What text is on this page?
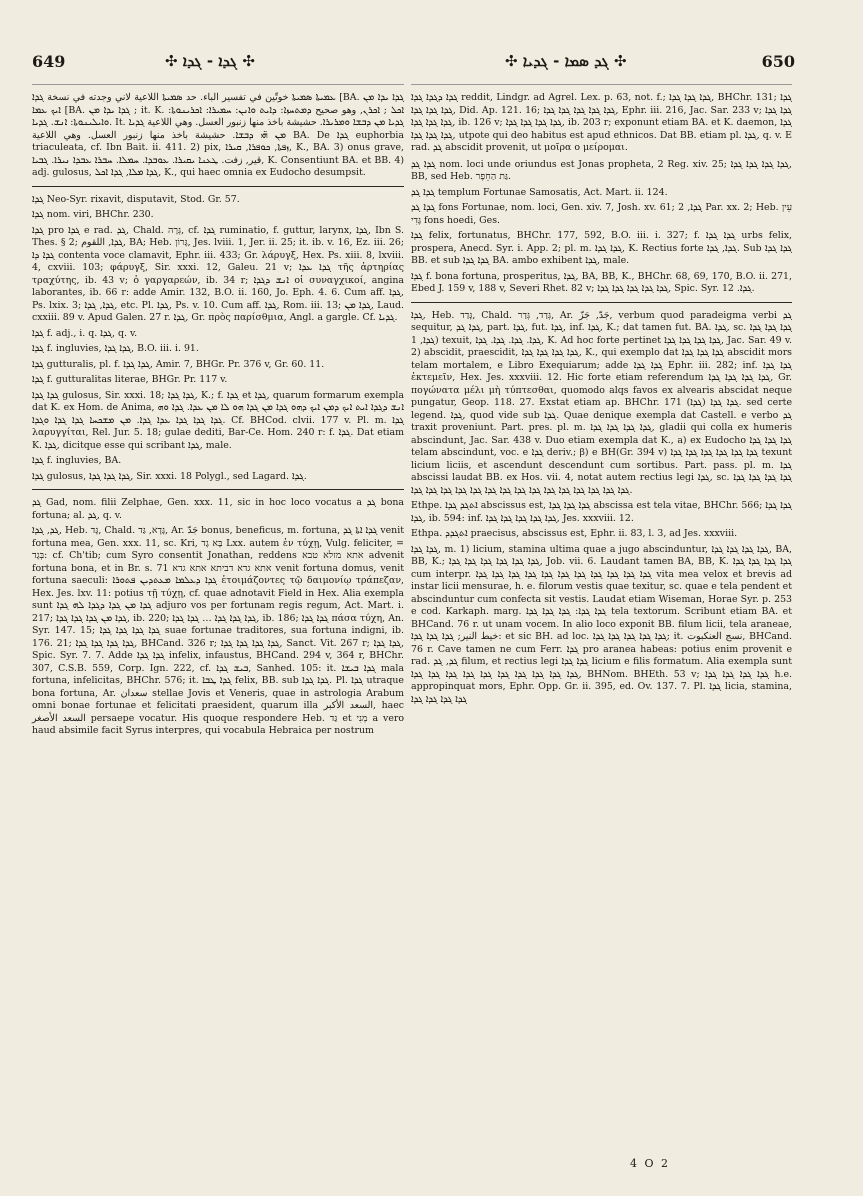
649	✣ ܓܕܐ - ܓܕܐ ✣	✣ ܓܕ ܣܡܐ - ܓܕܝܐ ✣	650

ܥܡܝܬܐ ܣܡܝܬܐ خوتّين في تفسير الباء. حد ܣܡܝܬܐ اللاعية لاني وجدته في نسخة ܓܕܐ [BA. ܓܕܐ ܝܕܐ ܡܢ ܐܝܟ ܥܡܐ [BA. ܓܕܐ ܝܕܐ ܡܢ ; it. K. ܐܟܠ ; ܐܟܪܢ, وهو صحيح ܕܡܬܚܙܐ: ܕܐܝܬ ܘܐܢܢ: ܚܡܝܪܐ: ܐܟܪܝܢܘܬܐ: ܘܐܝܠܝܢܘܬܐ: ܐܢܫ. ܓܕܝܐ. It. ܓܕܝܐ ܡܢ ܕܒܫܐ ܘܡܪܝܪܐ. حشيشة باخذ منها زنبور العسل. وهي اللاعية ܓܕܝܐ ܡܢ ܗ̈ܝ ܕܒܫܐ. حشيشة باخذ منها زنبور العسل. وهي اللاعية BA. De ܓܕܐ euphorbia triaculeata, cf. Ibn Bait. ii. 411. 2) pix, ܙܦܬܐ, ܟܘܦܪܐ, ܩܝܪܐ, K., BA. 3) onus grave, قير, زفت. ܛܥܢܐ ܝܩܝܪܐ. ܥܘܒܕܐ. ܚܡܠܐ. ܚܒܪܐ ܥܒܕܐ ܢܝܪܐ. ܓܒܝܐ, K. Consentiunt BA. et BB. 4) adj. gulosus, ܓܕܐ ܡܠܐ, ܓܕܐ ܐܟܠ, K., qui haec omnia ex Eudocho desumpsit.

ܓܕܐ Neo-Syr. rixavit, disputavit, Stod. Gr. 57.

ܓܕܐ nom. viri, BHChr. 230.

ܓܕܐ pro ܓܕܐ e rad. ܓܕ, Chald. גְּרָה, cf. ܓܕܐ ruminatio, f. guttur, larynx, ܓܕܐ, Ibn S. Thes. § 2; ܓܕܐ, اللقوم, BA; Heb. גָּרוֹן, Jes. lviii. 1, Jer. ii. 25; it. ib. v. 16, Ez. iii. 26; ܓܕܐ ܕܐ contenta voce clamavit, Ephr. iii. 433; Gr. λάρυγξ, Hex. Ps. xiii. 8, lxviii. 4, cxviii. 103; φάρυγξ, Sir. xxxi. 12, Galeu. 21 v; ܓܕܐ ܥܕܐ τῆς ἀρτηρίας τραχύτης, ib. 43 v; ὁ γαργαρεών, ib. 34 r; ܐܢܫ ܕܓܕܐ οἱ συναγχικοί, angina laborantes, ib. 66 r: adde Amir. 132, B.O. ii. 160, Jo. Eph. 4. 6. Cum aff. ܓܕܐ, Ps. lxix. 3; ܓܕܐ, ܓܕܐ, etc. Pl. ܓܕܐ, Ps. v. 10. Cum aff. ܓܕܐ, Rom. iii. 13; ܓܕܐ ܡܢ, Laud. cxxiii. 89 v. Apud Galen. 27 r. ܓܕܐ, Gr. πρὸς παρίσθμια, Angl. a gargle. Cf. ܓܕܝܐ.

ܓܕܐ f. adj., i. q. ܓܕܐ, q. v.

ܓܕܐ f. ingluvies, ܓܕܐ ܓܕܐ, B.O. iii. i. 91.

ܓܕܐ gutturalis, pl. f. ܓܕܐ ܓܕܐ, Amir. 7, BHGr. Pr. 376 v, Gr. 60. 11.

ܓܕܐ f. gutturalitas literae, BHGr. Pr. 117 v.

ܓܕܐ ܓܕܐ gulosus, Sir. xxxi. 18; ܓܕܐ ܓܕܐ, K.; f. ܓܕܐ et ܓܕܐ, quarum formarum exempla dat K. ex Hom. de Anima, ܐܢܫ ܕܓܕܐ ܐܝܬ ܐܝܟ ܕܡܢ ܐܝܟ ܕܗܘ ܓܕܐ ܡܢ ܓܕܐ ܗܘ ܠܐ ܡܢ ܥܕܐ. ܓܕܐ ܘܗ ܓܕܐ ܓܕܐ ܓܕܐ ܥܕܐ ܓܕܐ. ܡܢ ܡܫܟܚܐ ܓܕܐ ܓܕܐ ܘܓܕܐ. Cf. BHCod. clvii. 177 v. Pl. m. ܓܕܐ λαρυγγίται, Rel. Jur. 5. 18; gulae dediti, Bar-Ce. Hom. 240 r: f. ܓܕܐ. Dat etiam K. ܓܕܐ, dicitque esse qui scribant ܓܕܐ, male.

ܓܕܐ f. ingluvies, BA.

ܓܕܐ gulosus, ܓܕܐ ܓܕܐ ܓܕܐ, Sir. xxxi. 18 Polygl., sed Lagard. ܓܕܐ.

ܓܕ Gad, nom. filii Zelphae, Gen. xxx. 11, sic in hoc loco vocatus a ܓܕ bona fortuna; al. ܓܕ, q. v.

ܓܕ, ܓܕܐ, Heb. גָּד, Chald. גָּדָא, גַּד, Ar. جَدّ bonus, beneficus, m. fortuna, ܓܕܐ ܐܬܐ ܓܕ venit fortuna mea, Gen. xxx. 11, sc. Kri, בָּא גָד Lxx. autem ἐν τύχῃ, Vulg. feliciter, = בְּגָד: cf. Ch'tib; cum Syro consentit Jonathan, reddens אתא מזלא טבא advenit fortuna bona, et in Br. s. 71 אתא גדא דביתא אתא גדא venit fortuna domus, venit fortuna saeculi: ܓܕܐ ܕܥܠܡܐ ܡܥܬܕܝܢ ܦܬܘܪܐ ἑτοιμάζοντες τῷ δαιμονίῳ τράπεζαν, Hex. Jes. lxv. 11: potius τῇ τύχῃ, cf. quae adnotavit Field in Hex. Alia exempla sunt ܓܕܐ ܡܢ ܓܕܐ ܕܓܕܐ ܠܗ ܓܕܐ adjuro vos per fortunam regis regum, Act. Mart. i. 217; ܓܕܐ ܡܢ ܓܕܐ ܓܕܐ ܓܕܐ, ib. 220; ܓܕܐ ܓܕܐ ܓܕܐ … ܓܕܐ ܓܕܐ, ib. 186; ܓܕܐ ܓܕܐ πάσα τύχη, An. Syr. 147. 15; ܓܕܐ ܓܕܐ ܓܕܐ ܓܕܐ suae fortunae traditores, sua fortuna indigni, ib. 176. 21; ܓܕܐ ܓܕܐ ܓܕܐ ܓܕܐ, BHCand. 326 r; ܓܕܐ ܓܕܐ ܓܕܐ ܓܕܐ, Sanct. Vit. 267 r; ܓܕܐ ܓܕܐ, Spic. Syr. 7. 7. Adde ܓܕܐ ܓܕܐ infelix, infaustus, BHCand. 294 v, 364 r, BHChr. 307, C.S.B. 559, Corp. Ign. 222, cf. ܒܝܫ ܓܕܐ, Sanhed. 105: it. ܓܕܐ ܒܝܫܐ mala fortuna, infelicitas, BHChr. 576; it. ܓܕܐ ܛܒܐ felix, BB. sub ܓܕܐ ܓܕܐ. Pl. ܓܕܐ utraque bona fortuna, Ar. سعدان stellae Jovis et Veneris, quae in astrologia Arabum omni bonae fortunae et felicitati praesident, quarum illa السعد الأكبر, haec السعد الأصغر persaepe vocatur. His quoque respondere Heb. גַּד et מְנִי a vero haud absimile facit Syrus interpres, qui vocabula Hebraica per nostrum

ܓܕܐ ܕܓܕܐ ܓܕܐ reddit, Lindgr. ad Agrel. Lex. p. 63, not. f.; ܓܕܐ ܓܕܐ ܓܕܐ, BHChr. 131; ܓܕܐ ܓܕܐ ܓܕܐ ܓܕܐ, Did. Ap. 121. 16; ܓܕܐ ܓܕܐ ܓܕܐ ܓܕܐ ܓܕܐ, Ephr. iii. 216, Jac. Sar. 233 v; ܓܕܐ ܓܕܐ ܓܕܐ ܓܕܐ ܓܕܐ, ib. 126 v; ܓܕܐ ܓܕܐ ܓܕܐ ܓܕܐ, ib. 203 r; exponunt etiam BA. et K. daemon, ܓܕܐ ܓܕܐ ܓܕܐ ܓܕܐ, utpote qui deo habitus est apud ethnicos. Dat BB. etiam pl. ܓܕܐ, q. v. E rad. ܓܕ abscidit provenit, ut μοῖρα ο μείρομαι.

ܓܕܐ ܓܕ nom. loci unde oriundus est Jonas propheta, 2 Reg. xiv. 25; ܓܕܐ ܓܕܐ ܓܕܐ ܓܕܐ, BB, sed Heb. גַּת הַחֵפֶר.

ܓܕܐ ܓܕ templum Fortunae Samosatis, Act. Mart. ii. 124.

ܓܕܐ ܓܕ fons Fortunae, nom. loci, Gen. xiv. 7, Josh. xv. 61; ܓܕܐ, 2 Par. xx. 2; Heb. עֵין גֶּדִי fons hoedi, Ges.

ܓܕܐ felix, fortunatus, BHChr. 177, 592, B.O. iii. i. 327; f. ܓܕܐ ܓܕܐ urbs felix, prospera, Anecd. Syr. i. App. 2; pl. m. ܓܕܐ ܓܕܐ, K. Rectius forte ܓܕܐ, ܓܕܐ. Sub ܓܕܐ ܓܕܐ BB. et sub ܓܕܐ ܓܕܐ BA. ambo exhibent ܓܕܐ, male.

ܓܕܐ f. bona fortuna, prosperitus, ܓܕܐ, BA, BB, K., BHChr. 68, 69, 170, B.O. ii. 271, Ebed J. 159 v, 188 v, Severi Rhet. 82 v; ܓܕܐ ܓܕܐ ܓܕܐ ܓܕܐ ܓܕܐ, Spic. Syr. ܓܕܐ. 12.

ܓܕܐ, Heb. גָּדַד, Chald. גְּדַד, גְּדַר, Ar. جَدّ, جَزّ, verbum quod paradeigma verbi ܓܕ sequitur, ܓܕܐ ܓܕ, part. ܓܕܐ, fut. ܓܕܐ, inf. ܓܕܐ, K.; dat tamen fut. BA. ܓܕܐ, sc. ܓܕܐ ܓܕܐ ܓܕܐ ܓܕܐ, 1) texuit, ܓܕܐ. ܓܕܐ. ܓܕܐ. ܓܕܐ, K. Ad hoc forte pertinet ܓܕܐ ܓܕܐ ܓܕܐ ܓܕܐ, Jac. Sar. 49 v. 2) abscidit, praescidit, ܓܕܐ ܓܕܐ ܓܕܐ ܓܕܐ, K., qui exemplo dat ܓܕܐ ܓܕܐ ܓܕܐ abscidit mors telam mortalem, e Libro Exequiarum; adde ܓܕܐ ܓܕܐ Ephr. iii. 282; inf. ܓܕܐ ܓܕܐ ἐκτεμεῖν, Hex. Jes. xxxviii. 12. Hic forte etiam referendum ܓܕܐ ܓܕܐ ܓܕܐ ܓܕܐ, Gr. πογώνατα μέλι μὴ τύπτεσθαι, quomodo alqs favos ex alvearis abscidat neque pungatur, Geop. 118. 27. Exstat etiam ap. BHChr. 171 (ܓܕܐ) ܓܕܐ ܓܕܐ. sed certe legend. ܓܕܐ, quod vide sub ܓܕܐ. Quae denique exempla dat Castell. e verbo ܓܕ traxit proveniunt. Part. pres. pl. m. ܓܕܐ ܓܕܐ ܓܕܐ ܓܕܐ, gladii qui colla ex humeris abscindunt, Jac. Sar. 438 v. Duo etiam exempla dat K., a) ex Eudocho ܓܕܐ ܓܕܐ ܓܕܐ telam abscindunt, voc. e ܓܕܐ deriv.; β) e BH(Gr. 394 v) ܓܕܐ ܓܕܐ ܓܕܐ ܓܕܐ ܓܕܐ ܓܕܐ texunt licium liciis, et ascendunt descendunt cum sortibus. Part. pass. pl. m. ܓܕܐ abscissi laudat BB. ex Hos. vii. 4, notat autem rectius legi ܓܕܐ, sc. ܓܕܐ ܓܕܐ ܓܕܐ ܓܕܐ ܓܕܐ ܓܕܐ ܓܕܐ ܓܕܐ ܓܕܐ ܓܕܐ ܓܕܐ ܓܕܐ ܓܕܐ ܓܕܐ ܓܕܐ ܓܕܐ ܓܕܐ ܓܕܐ ܓܕܐ.

Ethpe. ܐܬܓܕ ܓܕܐ abscissus est, ܓܕܐ ܓܕܐ ܓܕܐ abscissa est tela vitae, BHChr. 566; ܓܕܐ ܓܕܐ ܓܕܐ, ib. 594: inf. ܓܕܐ ܓܕܐ ܓܕܐ ܓܕܐ ܓܕܐ, Jes. xxxviii. 12.

Ethpa. ܐܬܓܕܕ praecisus, abscissus est, Ephr. ii. 83, l. 3, ad Jes. xxxviii.

ܓܕܐ ܓܕܐ, m. 1) licium, stamina ultima quae a jugo abscinduntur, ܓܕܐ ܓܕܐ ܓܕܐ ܓܕܐ, BA, BB, K.; ܓܕܐ ܓܕܐ ܓܕܐ ܓܕܐ ܓܕܐ ܓܕܐ, Job. vii. 6. Laudant tamen BA, BB, K. ܓܕܐ ܓܕܐ ܓܕܐ ܓܕܐ cum interpr. ܓܕܐ ܓܕܐ ܓܕܐ ܓܕܐ ܓܕܐ ܓܕܐ ܓܕܐ ܓܕܐ ܓܕܐ ܓܕܐ ܓܕܐ vita mea velox et brevis ad instar licii mensurae, h. e. filorum vestis quae texitur, sc. quae e tela pendent et abscinduntur cum confecta sit vestis. Laudat etiam Wiseman, Horae Syr. p. 253 e cod. Karkaph. marg. ܓܕܐ ܓܕܐ: ܓܕܐ ܓܕܐ ܓܕܐ tela textorum. Scribunt etiam BA. et BHCand. 76 r. ut unam vocem. In alio loco exponit BB. filum licii, tela araneae, خيط النير; ܓܕܐ ܓܕܐ ܓܕܐ: et sic BH. ad loc. ܓܕܐ ܓܕܐ ܓܕܐ ܓܕܐ ܓܕܐ; it. نسج العنكبوت, BHCand. 76 r. Cave tamen ne cum Ferr. ܓܕܐ pro aranea habeas: potius enim provenit e rad. ܓܕ, ܓܕ filum, et rectius legi ܓܕܐ ܓܕܐ licium e filis formatum. Alia exempla sunt ܓܕܐ ܓܕܐ ܓܕܐ ܓܕܐ ܓܕܐ ܓܕܐ ܓܕܐ ܓܕܐ ܓܕܐ ܓܕܐ, BHNom. BHEth. 53 v; ܓܕܐ ܓܕܐ ܓܕܐ ܓܕܐ h.e. appropinquat mors, Ephr. Opp. Gr. ii. 395, ed. Ov. 137. 7. Pl. ܓܕܐ licia, stamina, ܓܕܐ ܓܕܐ ܓܕܐ ܓܕܐ

4 O 2
